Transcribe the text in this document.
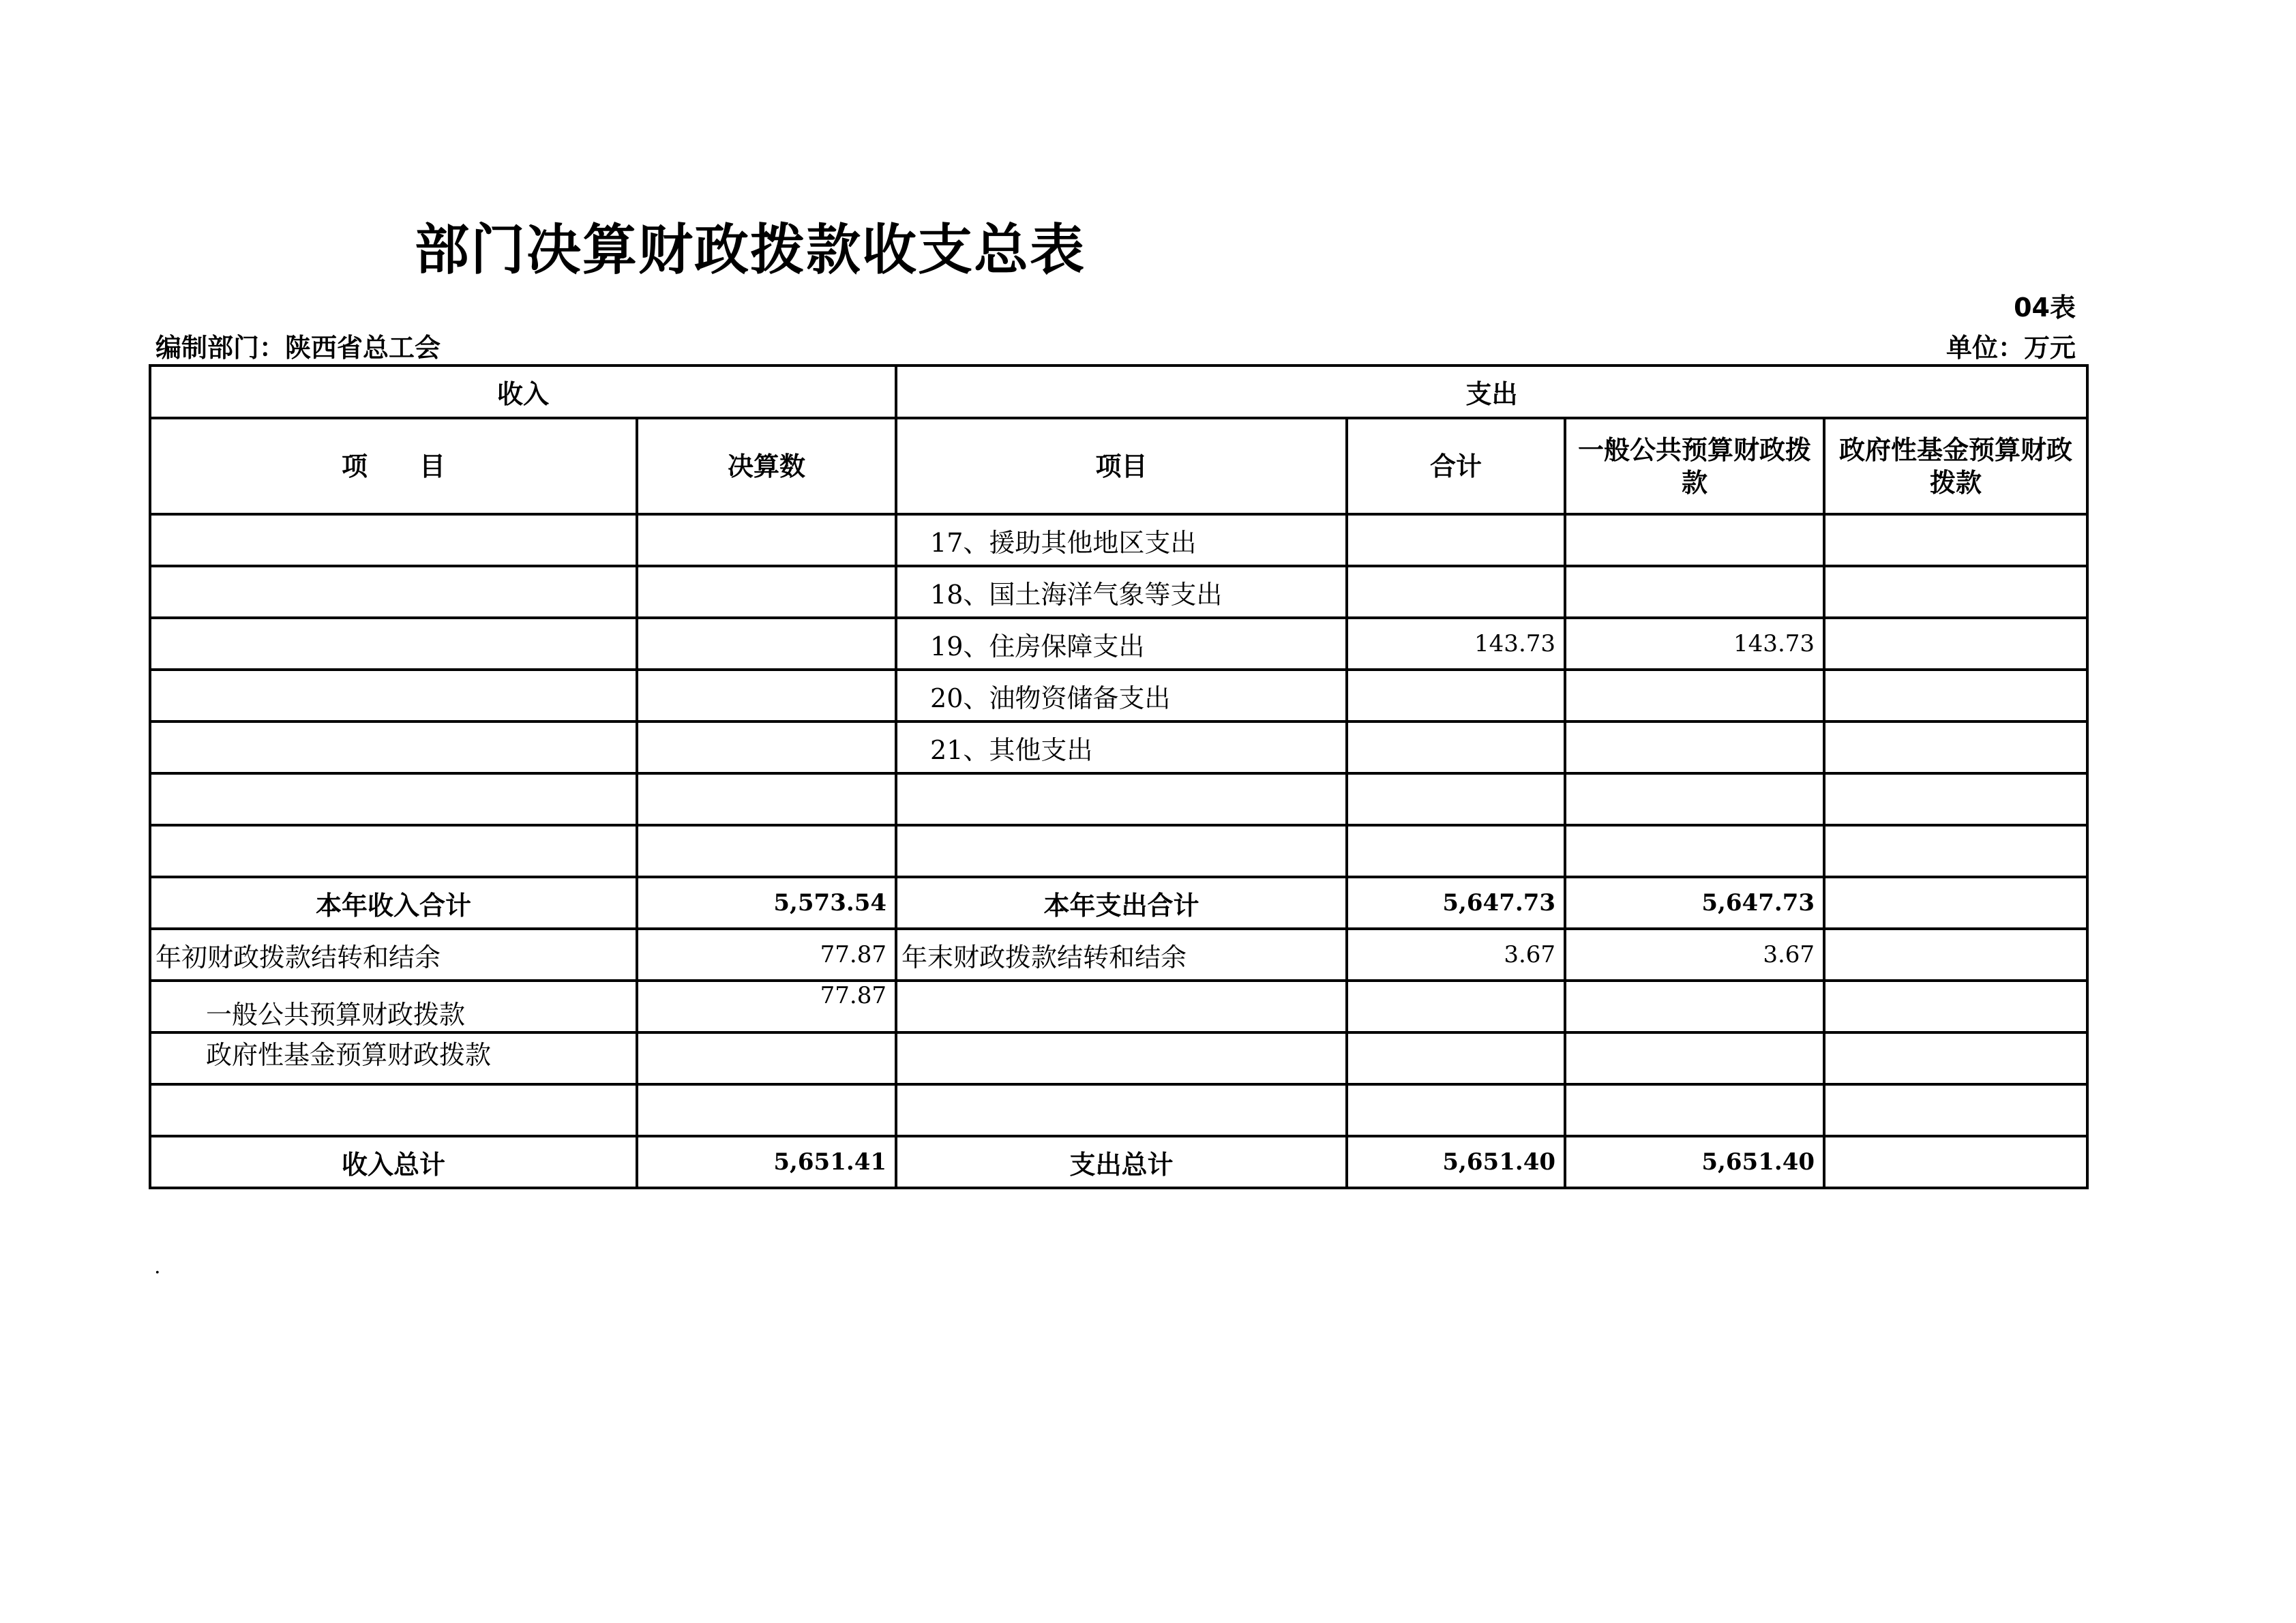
部门决算财政拨款收支总表
04表
编制部门：陕西省总工会	单位：万元
收入		支出			
项　　目	决算数	项目	合计	一般公共预算财政拨款	政府性基金预算财政拨款
		17、援助其他地区支出			
		18、国土海洋气象等支出			
		19、住房保障支出	143.73	143.73	
		20、油物资储备支出			
		21、其他支出			

本年收入合计	5,573.54	本年支出合计	5,647.73	5,647.73	
年初财政拨款结转和结余	77.87	年末财政拨款结转和结余	3.67	3.67	
一般公共预算财政拨款	77.87				
政府性基金预算财政拨款					

收入总计	5,651.41	支出总计	5,651.40	5,651.40	
.
